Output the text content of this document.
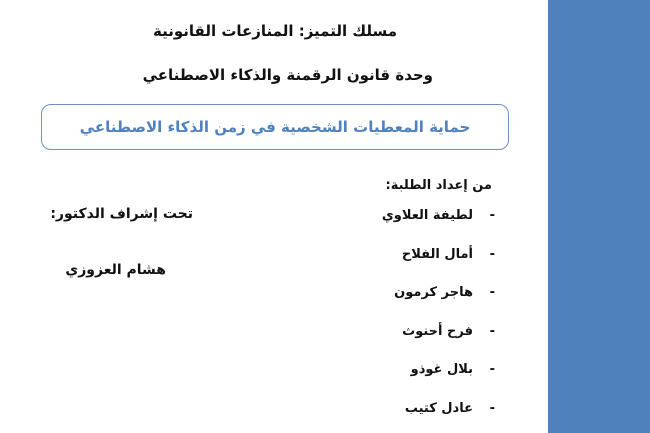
مسلك التميز: المنازعات القانونية
وحدة قانون الرقمنة والذكاء الاصطناعي
حماية المعطيات الشخصية في زمن الذكاء الاصطناعي
من إعداد الطلبة:
-
لطيفة العلاوي
-
أمال الفلاح
-
هاجر كرمون
-
فرح أحنوث
-
بلال غوذو
-
عادل كتيب
تحت إشراف الدكتور:
هشام العزوزي
